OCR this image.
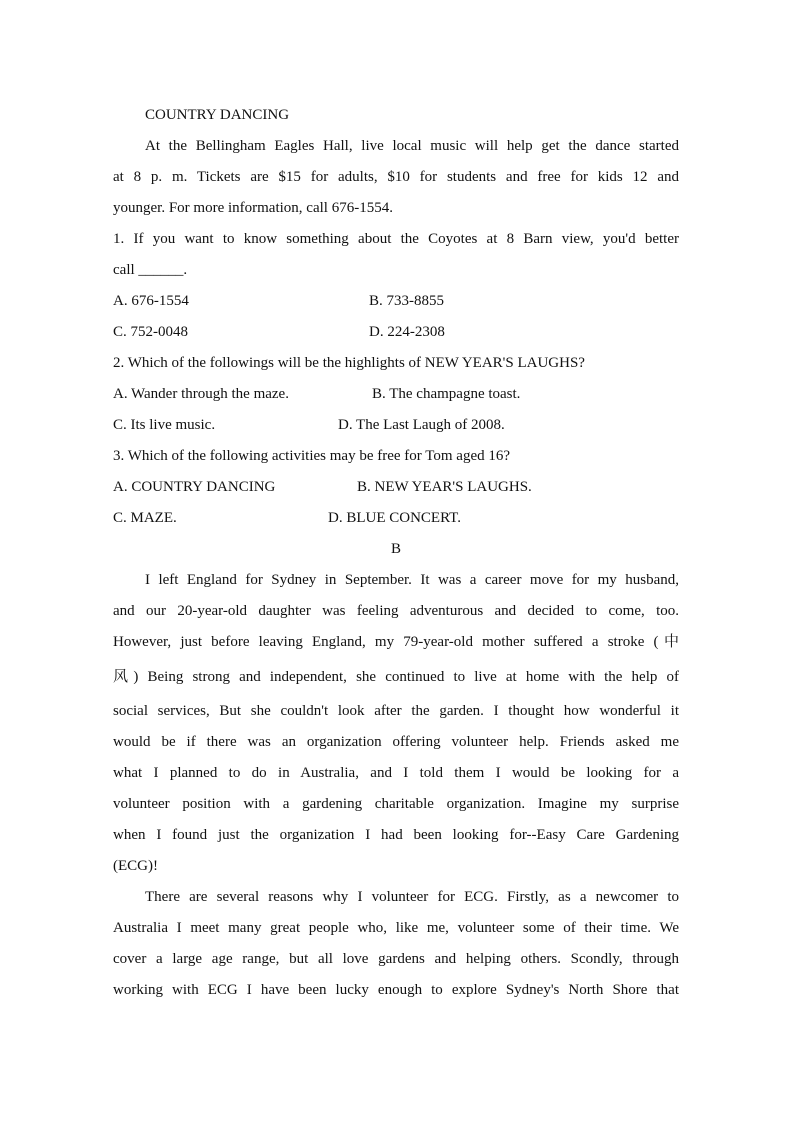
COUNTRY DANCING
At the Bellingham Eagles Hall, live local music will help get the dance started
at 8 p. m. Tickets are $15 for adults, $10 for students and free for kids 12 and
younger. For more information, call 676-1554.
1. If you want to know something about the Coyotes at 8 Barn view, you'd better
call ______.
A. 676-1554	B. 733-8855
C. 752-0048	D. 224-2308
2. Which of the followings will be the highlights of NEW YEAR'S LAUGHS?
A. Wander through the maze.	B. The champagne toast.
C. Its live music.	D. The Last Laugh of 2008.
3. Which of the following activities may be free for Tom aged 16?
A. COUNTRY DANCING	B. NEW YEAR'S LAUGHS.
C. MAZE.	D. BLUE CONCERT.
B
I left England for Sydney in September. It was a career move for my husband,
and our 20-year-old daughter was feeling adventurous and decided to come, too.
However, just before leaving England, my 79-year-old mother suffered a stroke (中
风) Being strong and independent, she continued to live at home with the help of
social services, But she couldn't look after the garden. I thought how wonderful it
would be if there was an organization offering volunteer help. Friends asked me
what I planned to do in Australia, and I told them I would be looking for a
volunteer position with a gardening charitable organization. Imagine my surprise
when I found just the organization I had been looking for--Easy Care Gardening
(ECG)!
There are several reasons why I volunteer for ECG. Firstly, as a newcomer to
Australia I meet many great people who, like me, volunteer some of their time. We
cover a large age range, but all love gardens and helping others. Scondly, through
working with ECG I have been lucky enough to explore Sydney's North Shore that
